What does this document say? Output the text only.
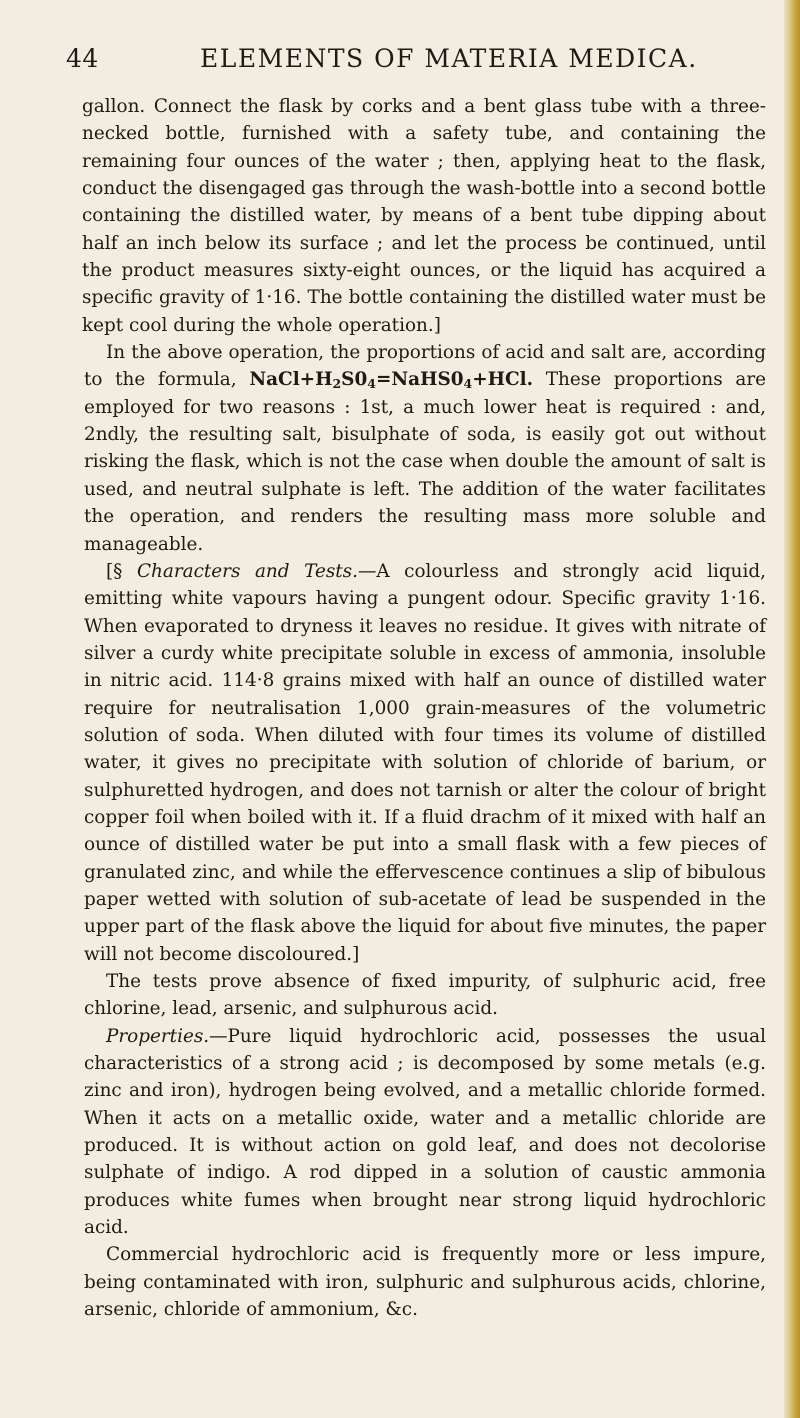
44	ELEMENTS OF MATERIA MEDICA.

gallon. Connect the flask by corks and a bent glass tube with a three-necked bottle, furnished with a safety tube, and containing the remaining four ounces of the water ; then, applying heat to the flask, conduct the disengaged gas through the wash-bottle into a second bottle containing the distilled water, by means of a bent tube dipping about half an inch below its surface ; and let the process be continued, until the product measures sixty-eight ounces, or the liquid has acquired a specific gravity of 1·16. The bottle containing the distilled water must be kept cool during the whole operation.]

In the above operation, the proportions of acid and salt are, according to the formula, $NaCl+H_2S0_4=NaHS0_4+HCl$. These proportions are employed for two reasons : 1st, a much lower heat is required : and, 2ndly, the resulting salt, bisulphate of soda, is easily got out without risking the flask, which is not the case when double the amount of salt is used, and neutral sulphate is left. The addition of the water facilitates the operation, and renders the resulting mass more soluble and manageable.

[§ Characters and Tests.—A colourless and strongly acid liquid, emitting white vapours having a pungent odour. Specific gravity 1·16. When evaporated to dryness it leaves no residue. It gives with nitrate of silver a curdy white precipitate soluble in excess of ammonia, insoluble in nitric acid. 114·8 grains mixed with half an ounce of distilled water require for neutralisation 1,000 grain-measures of the volumetric solution of soda. When diluted with four times its volume of distilled water, it gives no precipitate with solution of chloride of barium, or sulphuretted hydrogen, and does not tarnish or alter the colour of bright copper foil when boiled with it. If a fluid drachm of it mixed with half an ounce of distilled water be put into a small flask with a few pieces of granulated zinc, and while the effervescence continues a slip of bibulous paper wetted with solution of sub-acetate of lead be suspended in the upper part of the flask above the liquid for about five minutes, the paper will not become discoloured.]

The tests prove absence of fixed impurity, of sulphuric acid, free chlorine, lead, arsenic, and sulphurous acid.

Properties.—Pure liquid hydrochloric acid, possesses the usual characteristics of a strong acid ; is decomposed by some metals (e.g. zinc and iron), hydrogen being evolved, and a metallic chloride formed. When it acts on a metallic oxide, water and a metallic chloride are produced. It is without action on gold leaf, and does not decolorise sulphate of indigo. A rod dipped in a solution of caustic ammonia produces white fumes when brought near strong liquid hydrochloric acid.

Commercial hydrochloric acid is frequently more or less impure, being contaminated with iron, sulphuric and sulphurous acids, chlorine, arsenic, chloride of ammonium, &c.
